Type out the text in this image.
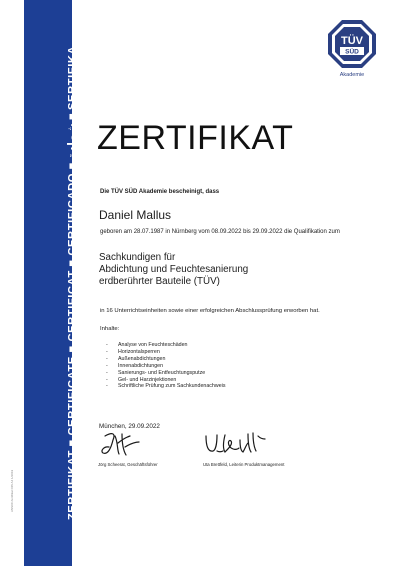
ZERTIFIKAT ■ CERTIFICATE ■ CERTIFICAT ■ CERTIFICADO ■ شهادة ■ SERTIFIKA
ANS00 Zertifikat DIN A4 1/2019
TÜV
SÜD
Akademie
ZERTIFIKAT
Die TÜV SÜD Akademie bescheinigt, dass
Daniel Mallus
geboren am 28.07.1987 in Nürnberg vom 08.09.2022 bis 29.09.2022 die Qualifikation zum
Sachkundigen für
Abdichtung und Feuchtesanierung
erdberührter Bauteile (TÜV)
in 16 Unterrichtseinheiten sowie einer erfolgreichen Abschlussprüfung erworben hat.
Inhalte:
- Analyse von Feuchteschäden
- Horizontalsperren
- Außenabdichtungen
- Innenabdichtungen
- Sanierungs- und Entfeuchtungsputze
- Gel- und Harzinjektionen
- Schriftliche Prüfung zum Sachkundenachweis
München, 29.09.2022
Jörg Scheerat, Geschäftsführer	Uta Brettfeld, Leiterin Produktmanagement
